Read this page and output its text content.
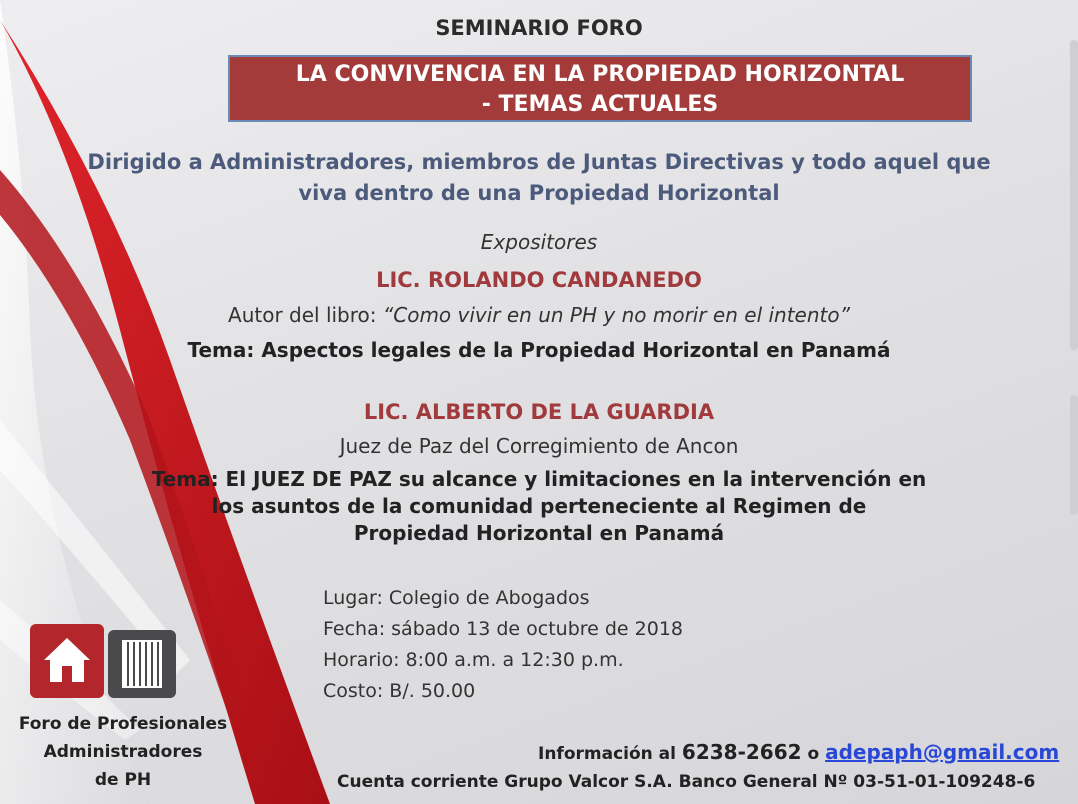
SEMINARIO FORO
LA CONVIVENCIA EN LA PROPIEDAD HORIZONTAL
- TEMAS ACTUALES
Dirigido a Administradores, miembros de Juntas Directivas y todo aquel que
viva dentro de una Propiedad Horizontal
Expositores
LIC. ROLANDO CANDANEDO
Autor del libro: “Como vivir en un PH y no morir en el intento”
Tema: Aspectos legales de la Propiedad Horizontal en Panamá
LIC. ALBERTO DE LA GUARDIA
Juez de Paz del Corregimiento de Ancon
Tema: El JUEZ DE PAZ su alcance y limitaciones en la intervención en
los asuntos de la comunidad perteneciente al Regimen de
Propiedad Horizontal en Panamá
Lugar: Colegio de Abogados
Fecha: sábado 13 de octubre de 2018
Horario: 8:00 a.m. a 12:30 p.m.
Costo: B/. 50.00
Información al 6238-2662 o adepaph@gmail.com
Cuenta corriente Grupo Valcor S.A. Banco General Nº 03-51-01-109248-6
Foro de Profesionales
Administradores
de PH
